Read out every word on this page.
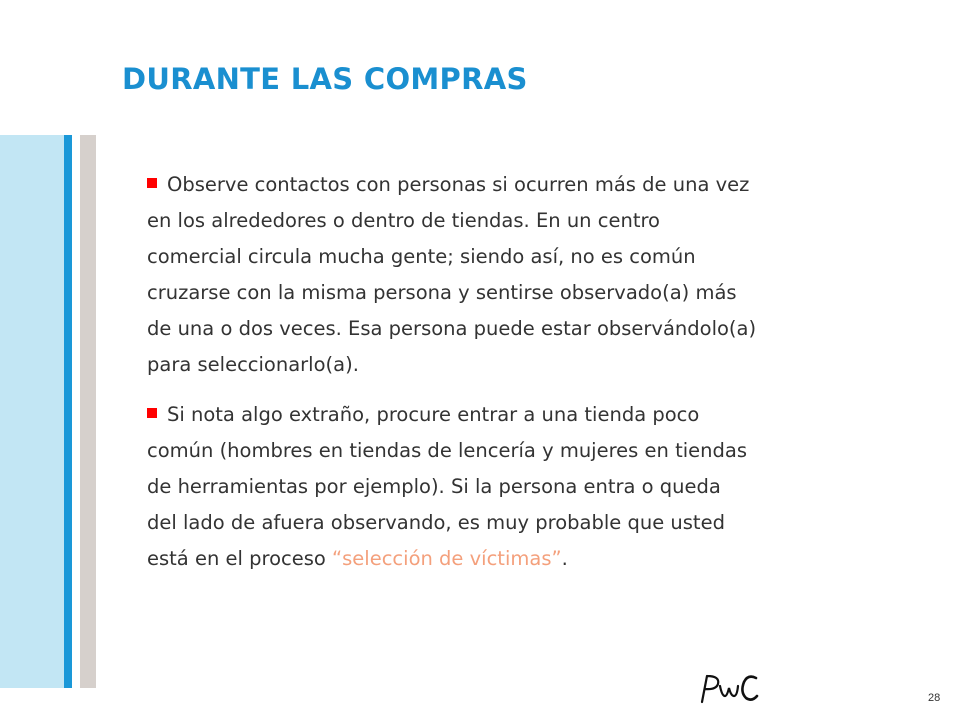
DURANTE LAS COMPRAS

Observe contactos con personas si ocurren más de una vez
en los alrededores o dentro de tiendas. En un centro
comercial circula mucha gente; siendo así, no es común
cruzarse con la misma persona y sentirse observado(a) más
de una o dos veces. Esa persona puede estar observándolo(a)
para seleccionarlo(a).

Si nota algo extraño, procure entrar a una tienda poco
común (hombres en tiendas de lencería y mujeres en tiendas
de herramientas por ejemplo). Si la persona entra o queda
del lado de afuera observando, es muy probable que usted
está en el proceso “selección de víctimas”.

28
